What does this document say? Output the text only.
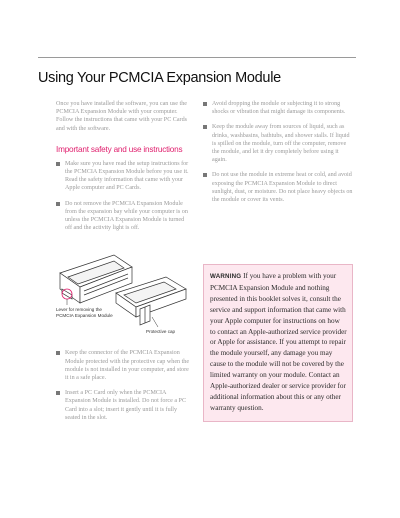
Using Your PCMCIA Expansion Module

Once you have installed the software, you can use the PCMCIA Expansion Module with your computer. Follow the instructions that came with your PC Cards and with the software.

Important safety and use instructions
Make sure you have read the setup instructions for the PCMCIA Expansion Module before you use it. Read the safety information that came with your Apple computer and PC Cards.
Do not remove the PCMCIA Expansion Module from the expansion bay while your computer is on unless the PCMCIA Expansion Module is turned off and the activity light is off.
Lever for removing the
PCMCIA Expansion Module
Protective cap
Keep the connector of the PCMCIA Expansion Module protected with the protective cap when the module is not installed in your computer, and store it in a safe place.
Insert a PC Card only when the PCMCIA Expansion Module is installed. Do not force a PC Card into a slot; insert it gently until it is fully seated in the slot.
Avoid dropping the module or subjecting it to strong shocks or vibration that might damage its components.
Keep the module away from sources of liquid, such as drinks, washbasins, bathtubs, and shower stalls. If liquid is spilled on the module, turn off the computer, remove the module, and let it dry completely before using it again.
Do not use the module in extreme heat or cold, and avoid exposing the PCMCIA Expansion Module to direct sunlight, dust, or moisture. Do not place heavy objects on the module or cover its vents.

WARNING If you have a problem with your PCMCIA Expansion Module and nothing presented in this booklet solves it, consult the service and support information that came with your Apple computer for instructions on how to contact an Apple-authorized service provider or Apple for assistance. If you attempt to repair the module yourself, any damage you may cause to the module will not be covered by the limited warranty on your module. Contact an Apple-authorized dealer or service provider for additional information about this or any other warranty question.
